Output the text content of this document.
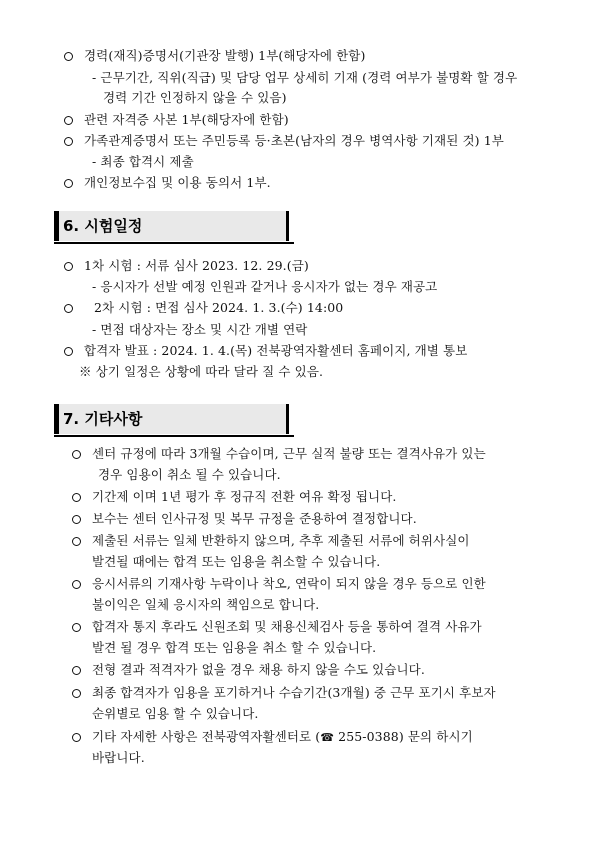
경력(재직)증명서(기관장 발행) 1부(해당자에 한함)
- 근무기간, 직위(직급) 및 담당 업무 상세히 기재 (경력 여부가 불명확 할 경우
경력 기간 인정하지 않을 수 있음)
관련 자격증 사본 1부(해당자에 한함)
가족관계증명서 또는 주민등록 등·초본(남자의 경우 병역사항 기재된 것) 1부
- 최종 합격시 제출
개인정보수집 및 이용 동의서 1부.
6. 시험일정
1차 시험 : 서류 심사 2023. 12. 29.(금)
- 응시자가 선발 예정 인원과 같거나 응시자가 없는 경우 재공고
2차 시험 : 면접 심사 2024. 1. 3.(수) 14:00
- 면접 대상자는 장소 및 시간 개별 연락
합격자 발표 : 2024. 1. 4.(목) 전북광역자활센터 홈페이지, 개별 통보
※ 상기 일정은 상황에 따라 달라 질 수 있음.
7. 기타사항
센터 규정에 따라 3개월 수습이며, 근무 실적 불량 또는 결격사유가 있는
경우 임용이 취소 될 수 있습니다.
기간제 이며 1년 평가 후 정규직 전환 여유 확정 됩니다.
보수는 센터 인사규정 및 복무 규정을 준용하여 결정합니다.
제출된 서류는 일체 반환하지 않으며, 추후 제출된 서류에 허위사실이
발견될 때에는 합격 또는 임용을 취소할 수 있습니다.
응시서류의 기재사항 누락이나 착오, 연락이 되지 않을 경우 등으로 인한
불이익은 일체 응시자의 책임으로 합니다.
합격자 통지 후라도 신원조회 및 채용신체검사 등을 통하여 결격 사유가
발견 될 경우 합격 또는 임용을 취소 할 수 있습니다.
전형 결과 적격자가 없을 경우 채용 하지 않을 수도 있습니다.
최종 합격자가 임용을 포기하거나 수습기간(3개월) 중 근무 포기시 후보자
순위별로 임용 할 수 있습니다.
기타 자세한 사항은 전북광역자활센터로 (☎ 255-0388) 문의 하시기
바랍니다.
